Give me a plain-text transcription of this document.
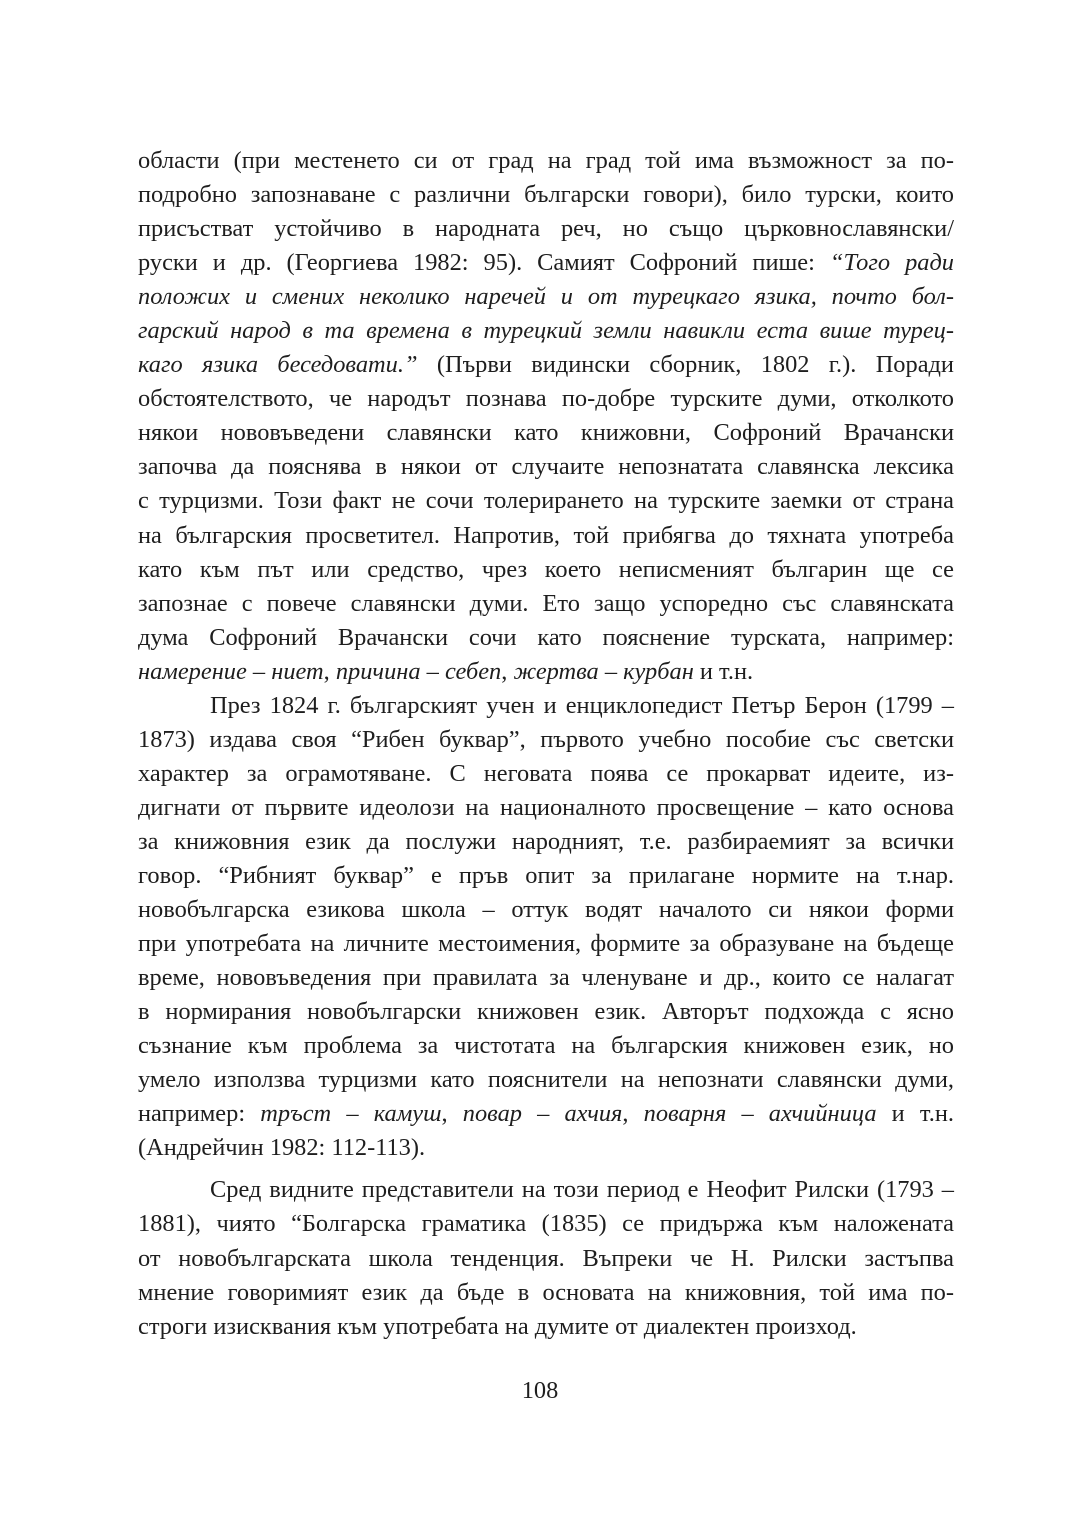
области (при местенето си от град на град той има възможност за по-
подробно запознаване с различни български говори), било турски, които
присъстват устойчиво в народната реч, но също църковнославянски/
руски и др. (Георгиева 1982: 95). Самият Софроний пише: “Того ради
положих и смених неколико наречей и от турецкаго язика, почто бол-
гарский народ в та времена в турецкий земли навикли еста више турец-
каго язика беседовати.” (Първи видински сборник, 1802 г.). Поради
обстоятелството, че народът познава по-добре турските думи, отколкото
някои нововъведени славянски като книжовни, Софроний Врачански
започва да пояснява в някои от случаите непознатата славянска лексика
с турцизми. Този факт не сочи толерирането на турските заемки от страна
на българския просветител. Напротив, той прибягва до тяхната употреба
като към път или средство, чрез което неписменият българин ще се
запознае с повече славянски думи. Ето защо успоредно със славянската
дума Софроний Врачански сочи като пояснение турската, например:
намерение – ниет, причина – себеп, жертва – курбан и т.н.
През 1824 г. българският учен и енциклопедист Петър Берон (1799 –
1873) издава своя “Рибен буквар”, първото учебно пособие със светски
характер за ограмотяване. С неговата поява се прокарват идеите, из-
дигнати от първите идеолози на националното просвещение – като основа
за книжовния език да послужи народният, т.е. разбираемият за всички
говор. “Рибният буквар” е пръв опит за прилагане нормите на т.нар.
новобългарска езикова школа – оттук водят началото си някои форми
при употребата на личните местоимения, формите за образуване на бъдеще
време, нововъведения при правилата за членуване и др., които се налагат
в нормирания новобългарски книжовен език. Авторът подхожда с ясно
съзнание към проблема за чистотата на българския книжовен език, но
умело използва турцизми като пояснители на непознати славянски думи,
например: тръст – камуш, повар – ахчия, поварня – ахчийница и т.н.
(Андрейчин 1982: 112-113).
Сред видните представители на този период е Неофит Рилски (1793 –
1881), чиято “Болгарска граматика (1835) се придържа към наложената
от новобългарската школа тенденция. Въпреки че Н. Рилски застъпва
мнение говоримият език да бъде в основата на книжовния, той има по-
строги изисквания към употребата на думите от диалектен произход.
108
